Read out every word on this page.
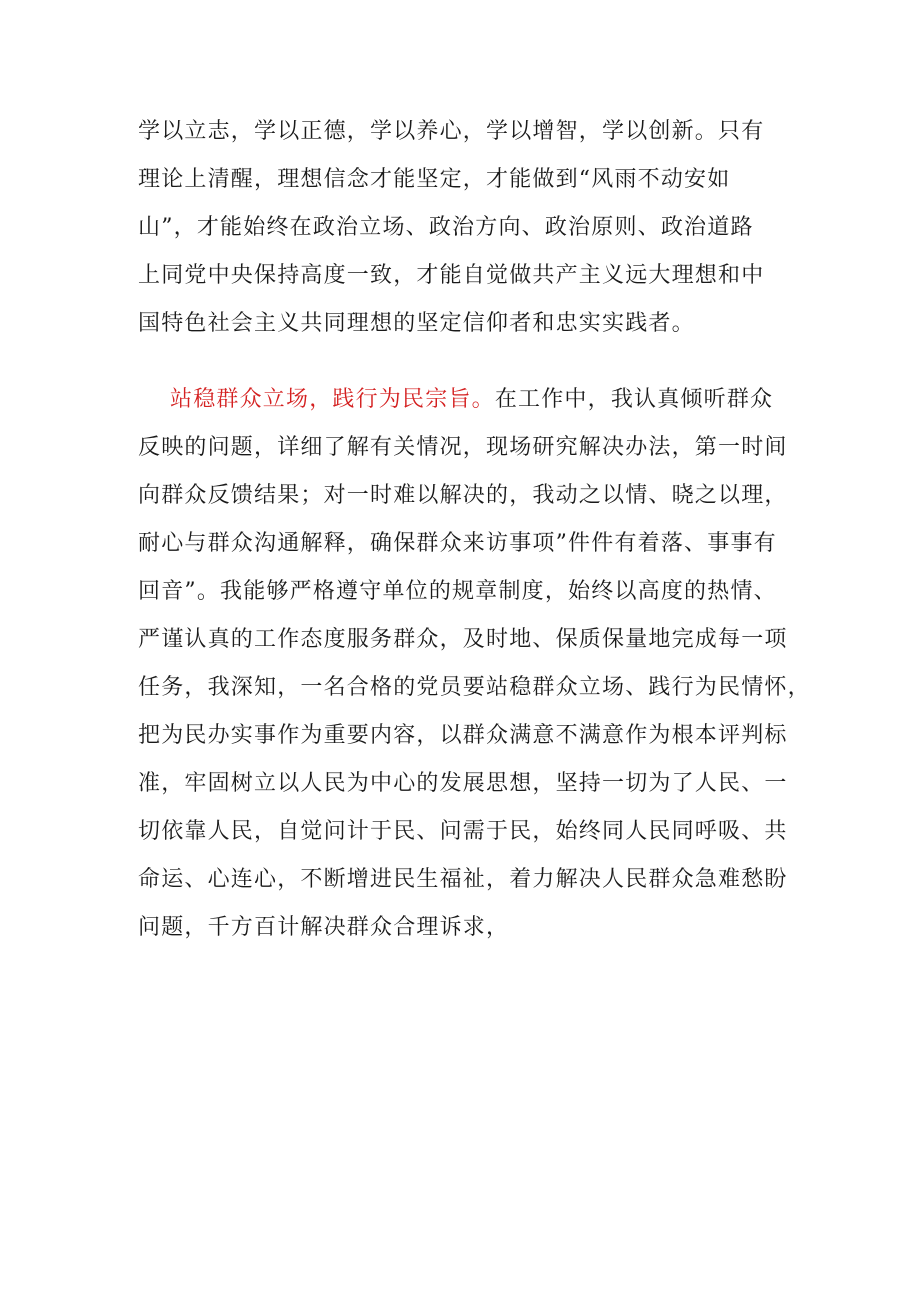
学以立志，学以正德，学以养心，学以增智，学以创新。只有
理论上清醒，理想信念才能坚定，才能做到“风雨不动安如
山”，才能始终在政治立场、政治方向、政治原则、政治道路
上同党中央保持高度一致，才能自觉做共产主义远大理想和中
国特色社会主义共同理想的坚定信仰者和忠实实践者。
站稳群众立场，践行为民宗旨。在工作中，我认真倾听群众
反映的问题，详细了解有关情况，现场研究解决办法，第一时间
向群众反馈结果；对一时难以解决的，我动之以情、晓之以理，
耐心与群众沟通解释，确保群众来访事项”件件有着落、事事有
回音”。我能够严格遵守单位的规章制度，始终以高度的热情、
严谨认真的工作态度服务群众，及时地、保质保量地完成每一项
任务，我深知，一名合格的党员要站稳群众立场、践行为民情怀，
把为民办实事作为重要内容，以群众满意不满意作为根本评判标
准，牢固树立以人民为中心的发展思想，坚持一切为了人民、一
切依靠人民，自觉问计于民、问需于民，始终同人民同呼吸、共
命运、心连心，不断增进民生福祉，着力解决人民群众急难愁盼
问题，千方百计解决群众合理诉求，
